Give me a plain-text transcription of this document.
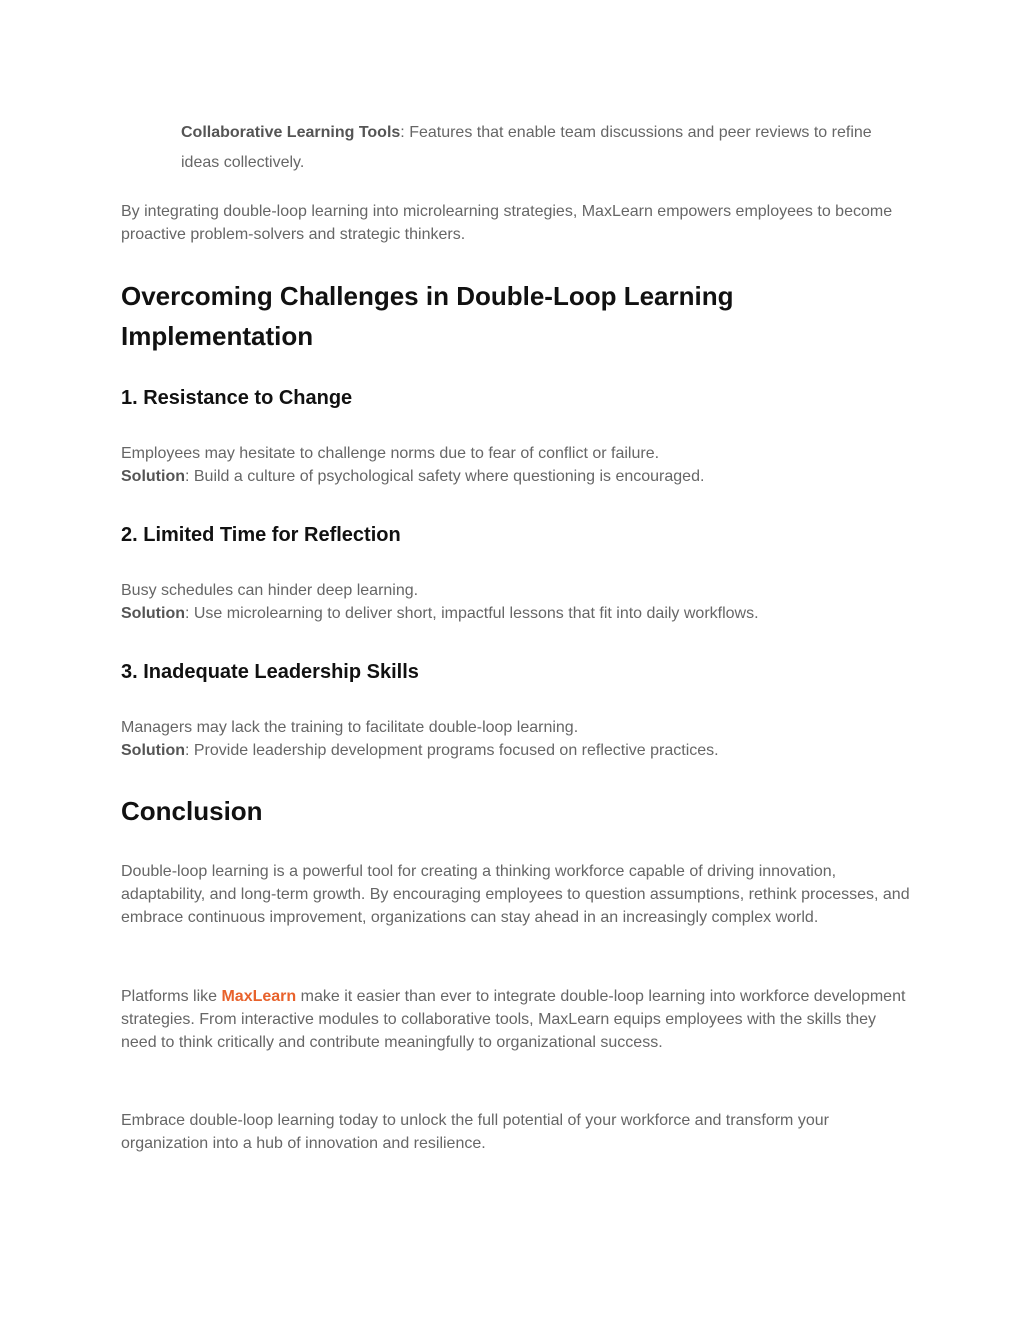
Collaborative Learning Tools: Features that enable team discussions and peer reviews to refine ideas collectively.

By integrating double-loop learning into microlearning strategies, MaxLearn empowers employees to become proactive problem-solvers and strategic thinkers.

Overcoming Challenges in Double-Loop Learning Implementation
1. Resistance to Change

Employees may hesitate to challenge norms due to fear of conflict or failure.
Solution: Build a culture of psychological safety where questioning is encouraged.

2. Limited Time for Reflection

Busy schedules can hinder deep learning.
Solution: Use microlearning to deliver short, impactful lessons that fit into daily workflows.

3. Inadequate Leadership Skills

Managers may lack the training to facilitate double-loop learning.
Solution: Provide leadership development programs focused on reflective practices.

Conclusion

Double-loop learning is a powerful tool for creating a thinking workforce capable of driving innovation, adaptability, and long-term growth. By encouraging employees to question assumptions, rethink processes, and embrace continuous improvement, organizations can stay ahead in an increasingly complex world.

Platforms like MaxLearn make it easier than ever to integrate double-loop learning into workforce development strategies. From interactive modules to collaborative tools, MaxLearn equips employees with the skills they need to think critically and contribute meaningfully to organizational success.

Embrace double-loop learning today to unlock the full potential of your workforce and transform your organization into a hub of innovation and resilience.
